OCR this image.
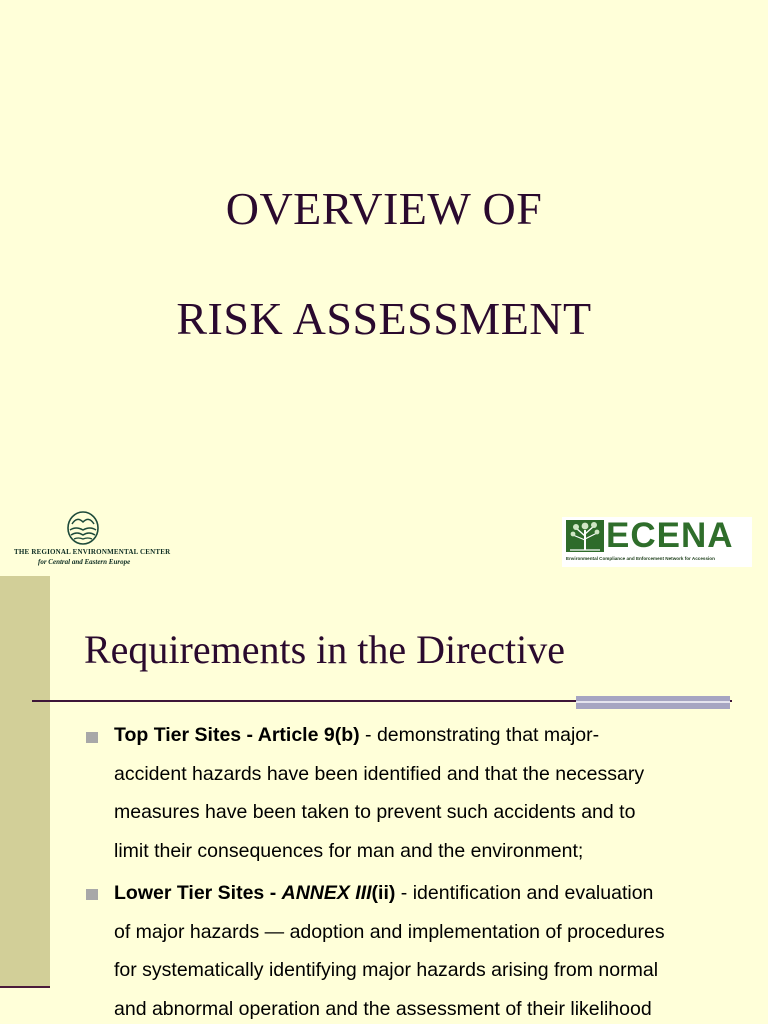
OVERVIEW OF
RISK ASSESSMENT
THE REGIONAL ENVIRONMENTAL CENTER
for Central and Eastern Europe
ECENA
Environmental Compliance and Enforcement Network for Accession
Requirements in the Directive
Top Tier Sites - Article 9(b) - demonstrating that major-
accident hazards have been identified and that the necessary
measures have been taken to prevent such accidents and to
limit their consequences for man and the environment;
Lower Tier Sites - ANNEX III(ii) - identification and evaluation
of major hazards — adoption and implementation of procedures
for systematically identifying major hazards arising from normal
and abnormal operation and the assessment of their likelihood
